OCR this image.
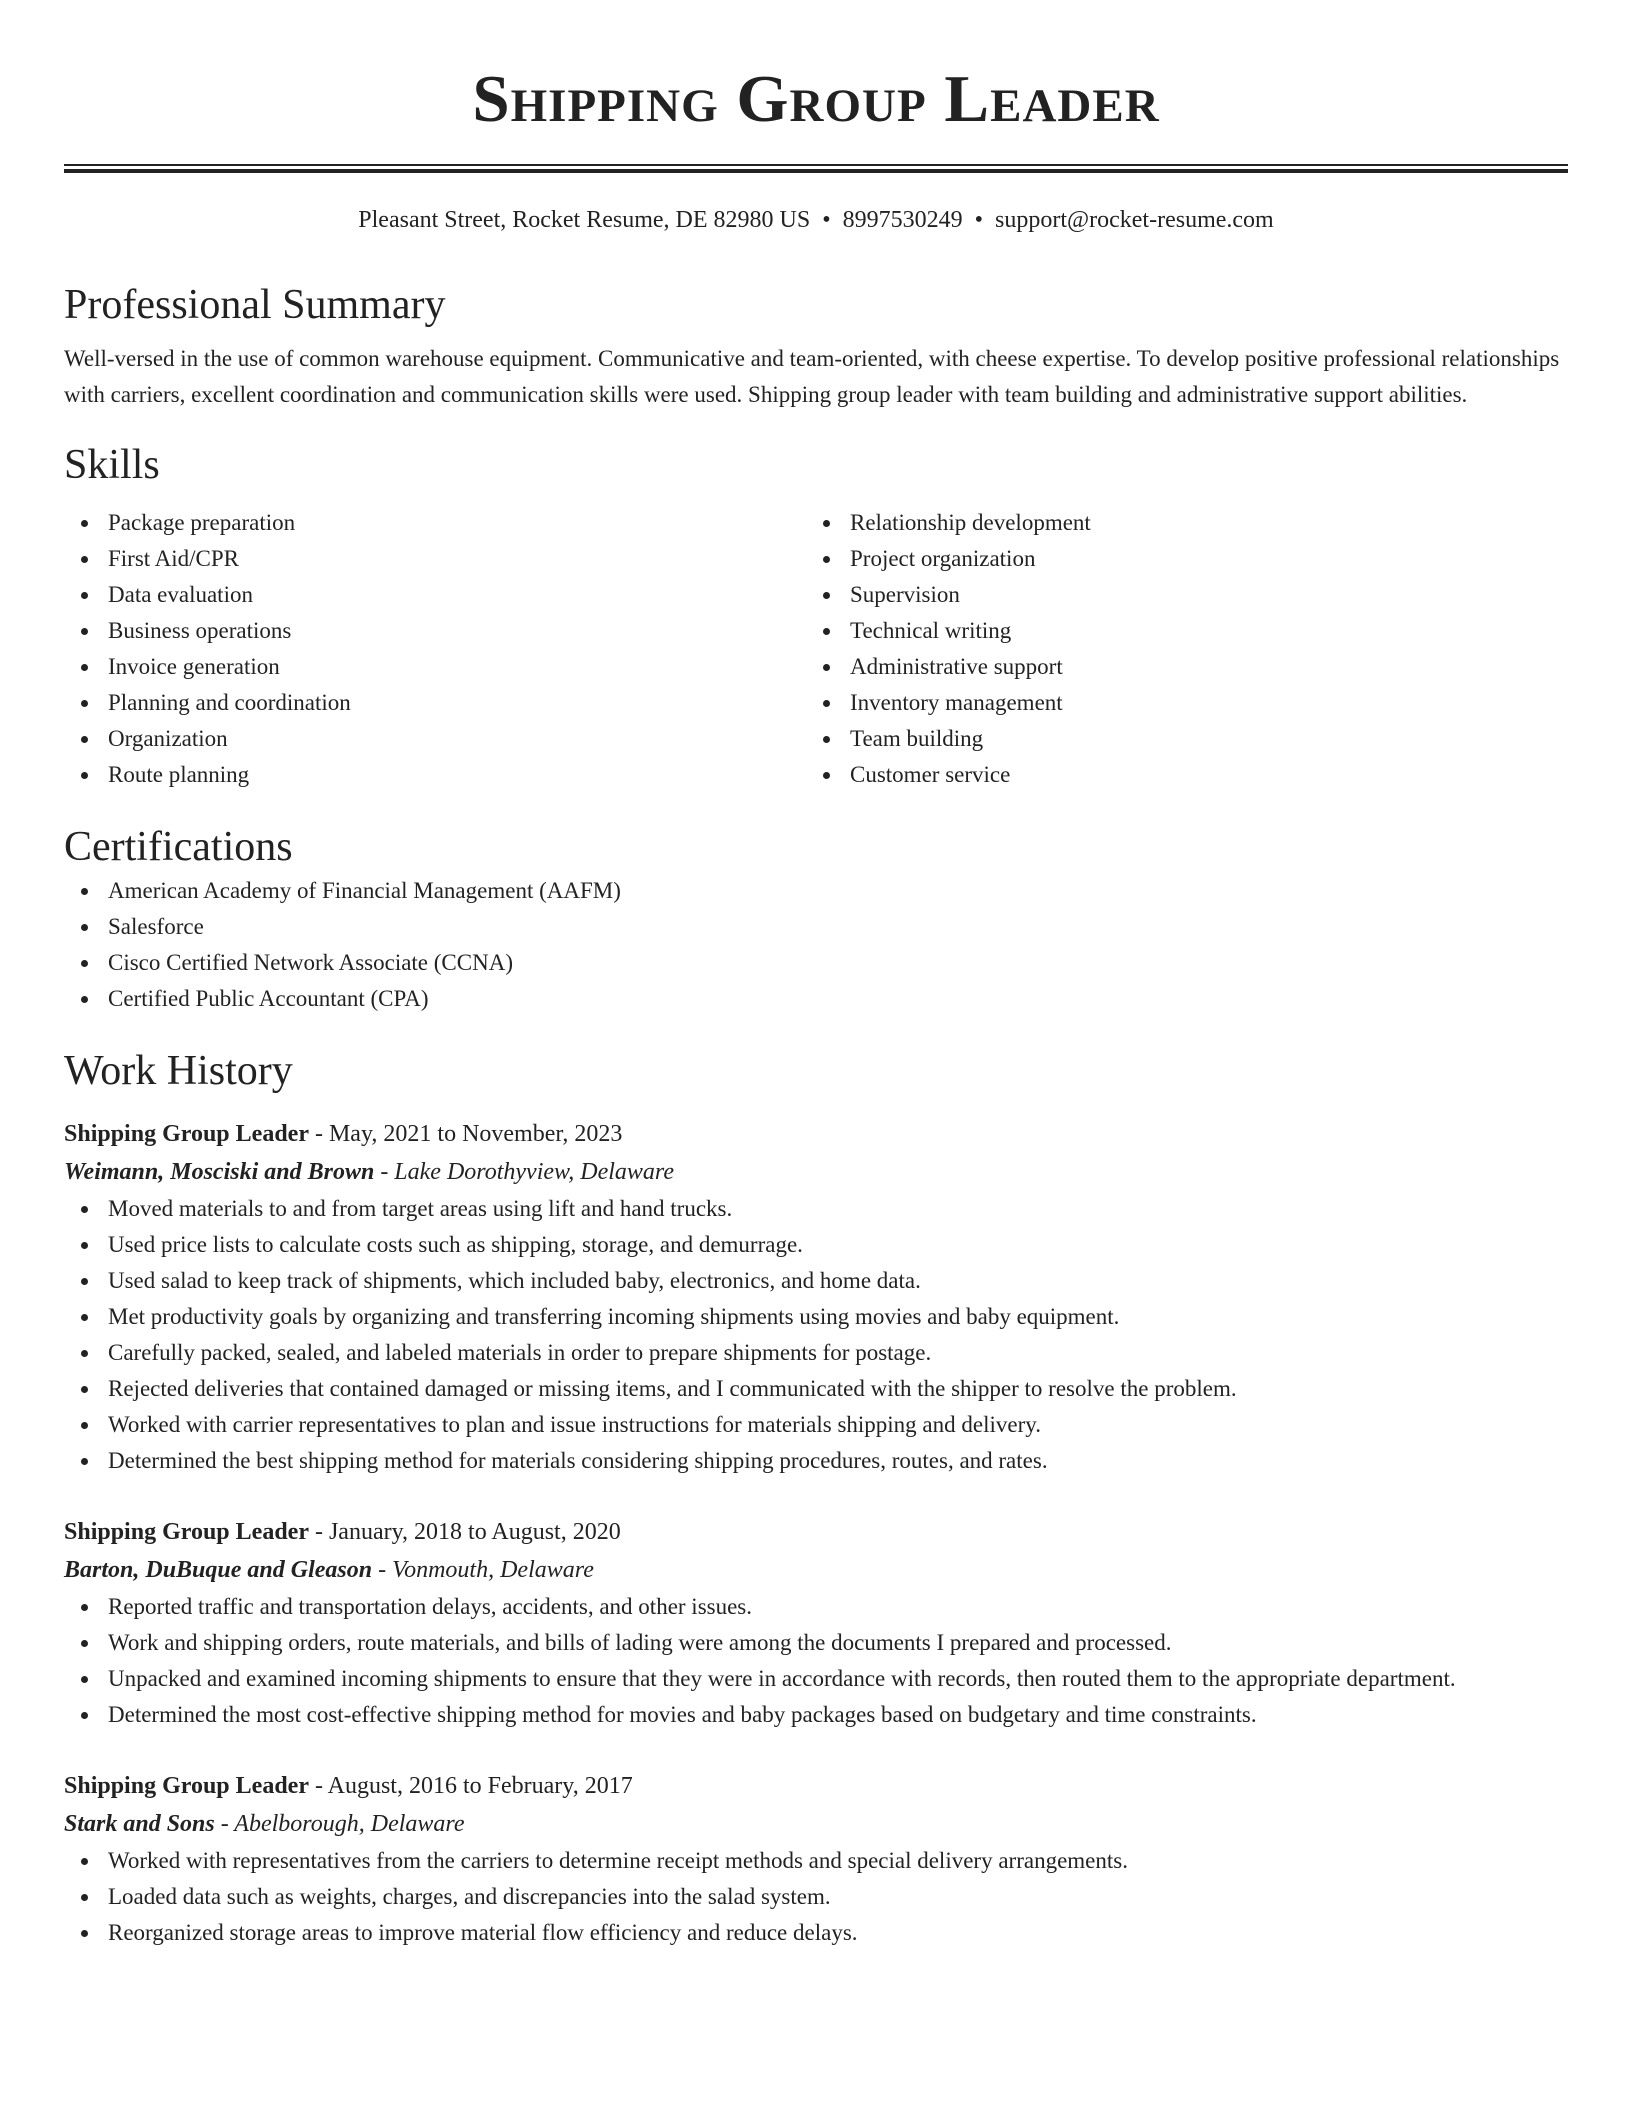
Shipping Group Leader
Pleasant Street, Rocket Resume, DE 82980 US • 8997530249 • support@rocket-resume.com
Professional Summary

Well-versed in the use of common warehouse equipment. Communicative and team-oriented, with cheese expertise. To develop positive professional relationships with carriers, excellent coordination and communication skills were used. Shipping group leader with team building and administrative support abilities.

Skills
Package preparation
First Aid/CPR
Data evaluation
Business operations
Invoice generation
Planning and coordination
Organization
Route planning
Relationship development
Project organization
Supervision
Technical writing
Administrative support
Inventory management
Team building
Customer service
Certifications
American Academy of Financial Management (AAFM)
Salesforce
Cisco Certified Network Associate (CCNA)
Certified Public Accountant (CPA)
Work History
Shipping Group Leader - May, 2021 to November, 2023
Weimann, Mosciski and Brown - Lake Dorothyview, Delaware
Moved materials to and from target areas using lift and hand trucks.
Used price lists to calculate costs such as shipping, storage, and demurrage.
Used salad to keep track of shipments, which included baby, electronics, and home data.
Met productivity goals by organizing and transferring incoming shipments using movies and baby equipment.
Carefully packed, sealed, and labeled materials in order to prepare shipments for postage.
Rejected deliveries that contained damaged or missing items, and I communicated with the shipper to resolve the problem.
Worked with carrier representatives to plan and issue instructions for materials shipping and delivery.
Determined the best shipping method for materials considering shipping procedures, routes, and rates.
Shipping Group Leader - January, 2018 to August, 2020
Barton, DuBuque and Gleason - Vonmouth, Delaware
Reported traffic and transportation delays, accidents, and other issues.
Work and shipping orders, route materials, and bills of lading were among the documents I prepared and processed.
Unpacked and examined incoming shipments to ensure that they were in accordance with records, then routed them to the appropriate department.
Determined the most cost-effective shipping method for movies and baby packages based on budgetary and time constraints.
Shipping Group Leader - August, 2016 to February, 2017
Stark and Sons - Abelborough, Delaware
Worked with representatives from the carriers to determine receipt methods and special delivery arrangements.
Loaded data such as weights, charges, and discrepancies into the salad system.
Reorganized storage areas to improve material flow efficiency and reduce delays.
